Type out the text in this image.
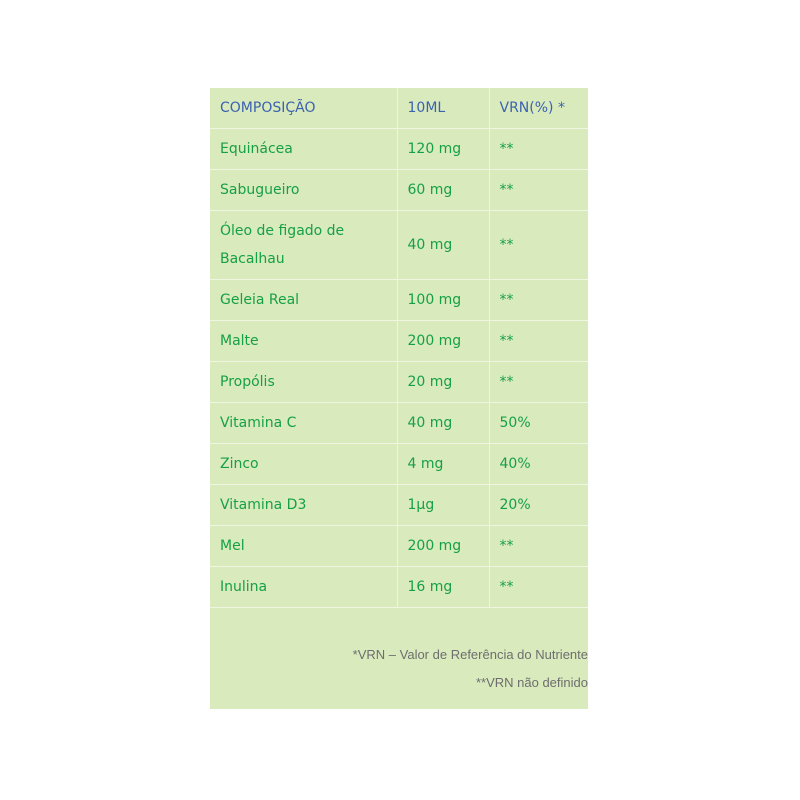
COMPOSIÇÃO	10ML	VRN(%) *
Equinácea	120 mg	**
Sabugueiro	60 mg	**
Óleo de figado de Bacalhau	40 mg	**
Geleia Real	100 mg	**
Malte	200 mg	**
Propólis	20 mg	**
Vitamina C	40 mg	50%
Zinco	4 mg	40%
Vitamina D3	1µg	20%
Mel	200 mg	**
Inulina	16 mg	**
*VRN – Valor de Referência do Nutriente
**VRN não definido
